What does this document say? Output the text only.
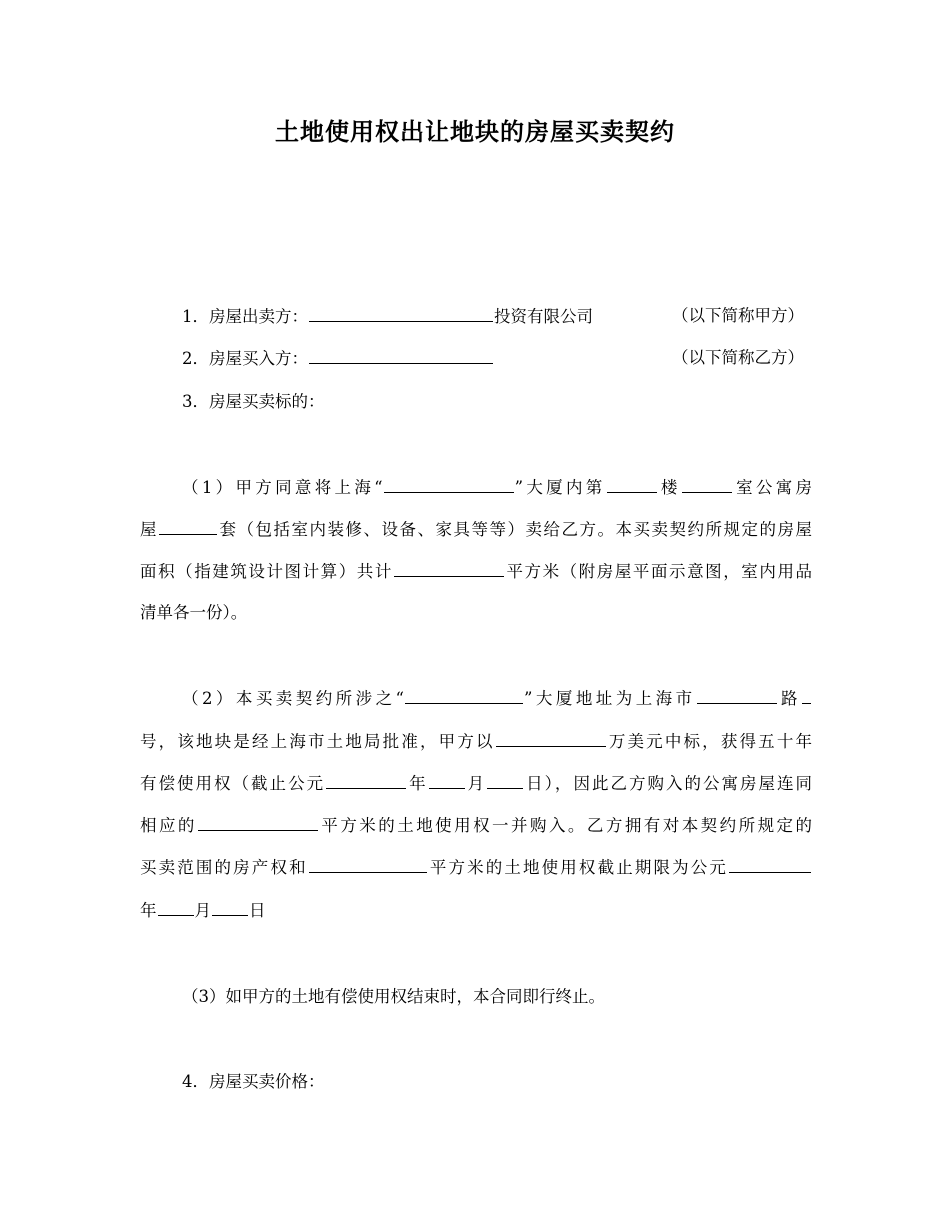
土地使用权出让地块的房屋买卖契约
1．房屋出卖方：	投资有限公司	（以下简称甲方）
2．房屋买入方：	（以下简称乙方）
3．房屋买卖标的：
（1）甲方同意将上海“	”大厦内第	楼	室公寓房
屋	套（包括室内装修、设备、家具等等）卖给乙方。本买卖契约所规定的房屋
面积（指建筑设计图计算）共计	平方米（附房屋平面示意图，室内用品
清单各一份）。
（2）本买卖契约所涉之“	”大厦地址为上海市	路
号，该地块是经上海市土地局批准，甲方以	万美元中标，获得五十年
有偿使用权（截止公元	年 月 日），因此乙方购入的公寓房屋连同
相应的	平方米的土地使用权一并购入。乙方拥有对本契约所规定的
买卖范围的房产权和	平方米的土地使用权截止期限为公元
年 月 日
（3）如甲方的土地有偿使用权结束时，本合同即行终止。
4．房屋买卖价格：
